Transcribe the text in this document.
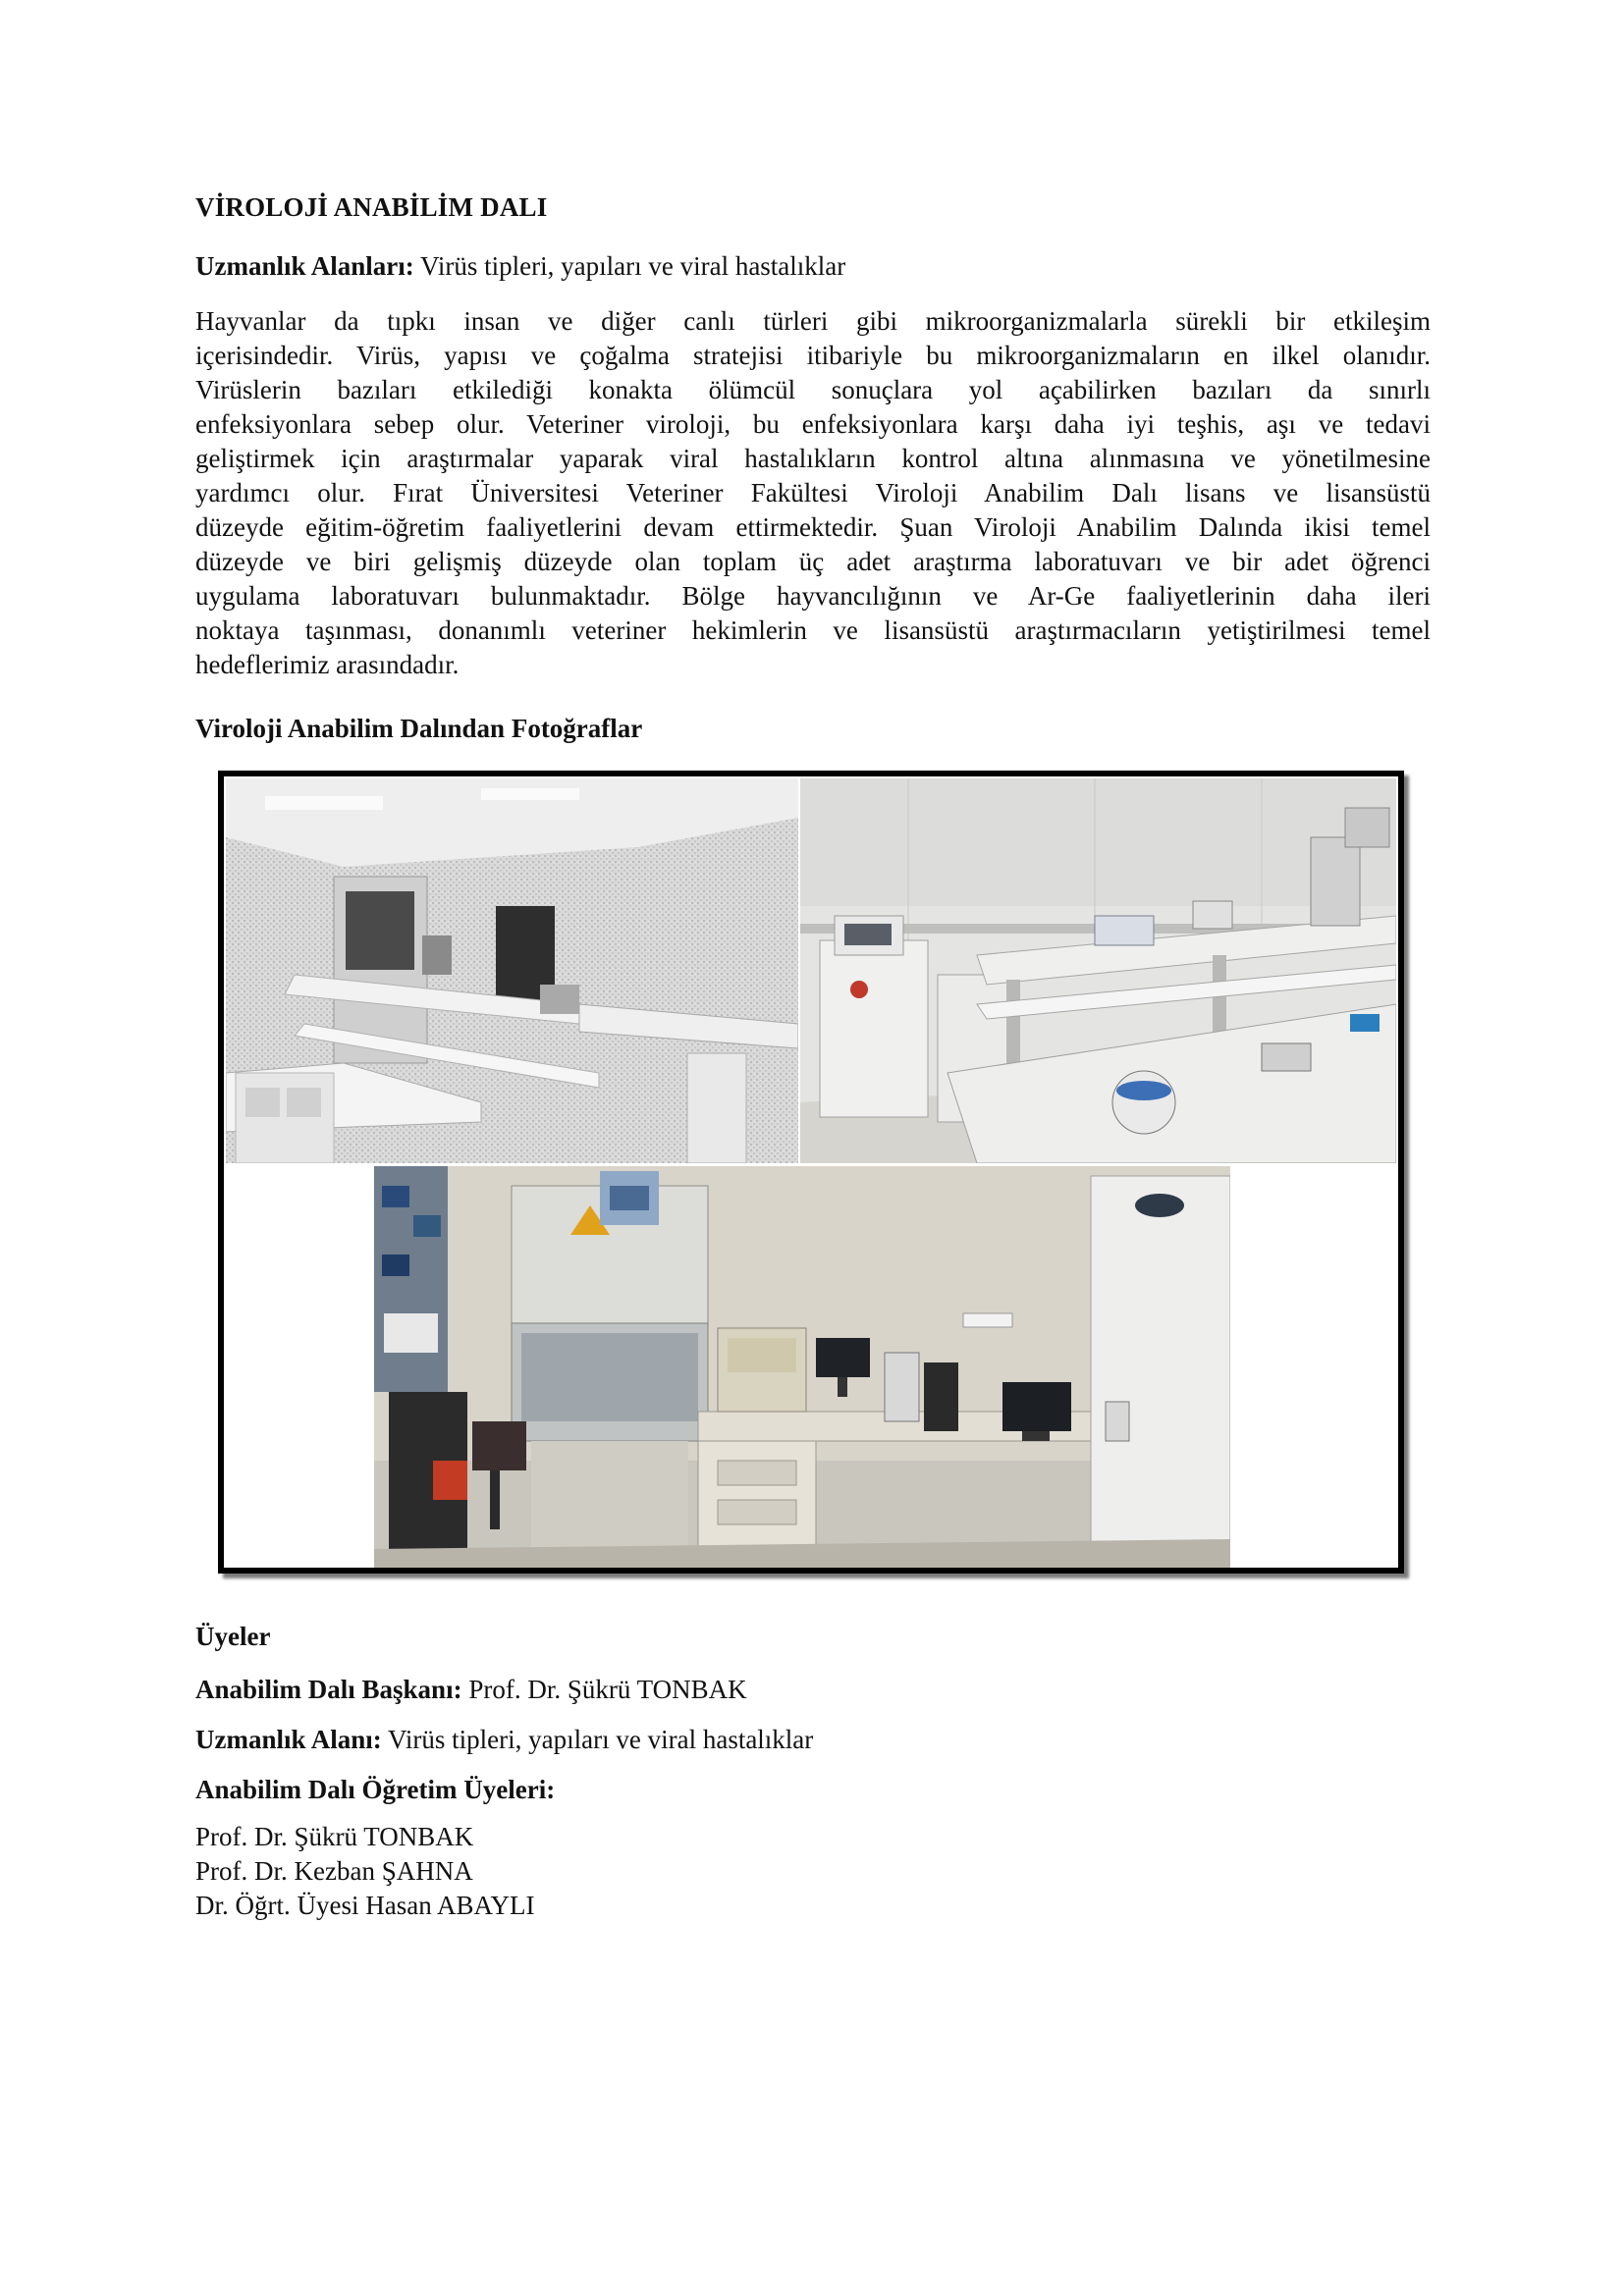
VİROLOJİ ANABİLİM DALI
Uzmanlık Alanları: Virüs tipleri, yapıları ve viral hastalıklar
Hayvanlar da tıpkı insan ve diğer canlı türleri gibi mikroorganizmalarla sürekli bir etkileşim
içerisindedir. Virüs, yapısı ve çoğalma stratejisi itibariyle bu mikroorganizmaların en ilkel olanıdır.
Virüslerin bazıları etkilediği konakta ölümcül sonuçlara yol açabilirken bazıları da sınırlı
enfeksiyonlara sebep olur. Veteriner viroloji, bu enfeksiyonlara karşı daha iyi teşhis, aşı ve tedavi
geliştirmek için araştırmalar yaparak viral hastalıkların kontrol altına alınmasına ve yönetilmesine
yardımcı olur. Fırat Üniversitesi Veteriner Fakültesi Viroloji Anabilim Dalı lisans ve lisansüstü
düzeyde eğitim-öğretim faaliyetlerini devam ettirmektedir. Şuan Viroloji Anabilim Dalında ikisi temel
düzeyde ve biri gelişmiş düzeyde olan toplam üç adet araştırma laboratuvarı ve bir adet öğrenci
uygulama laboratuvarı bulunmaktadır. Bölge hayvancılığının ve Ar-Ge faaliyetlerinin daha ileri
noktaya taşınması, donanımlı veteriner hekimlerin ve lisansüstü araştırmacıların yetiştirilmesi temel
hedeflerimiz arasındadır.
Viroloji Anabilim Dalından Fotoğraflar
Üyeler
Anabilim Dalı Başkanı: Prof. Dr. Şükrü TONBAK
Uzmanlık Alanı: Virüs tipleri, yapıları ve viral hastalıklar
Anabilim Dalı Öğretim Üyeleri:
Prof. Dr. Şükrü TONBAK
Prof. Dr. Kezban ŞAHNA
Dr. Öğrt. Üyesi Hasan ABAYLI
